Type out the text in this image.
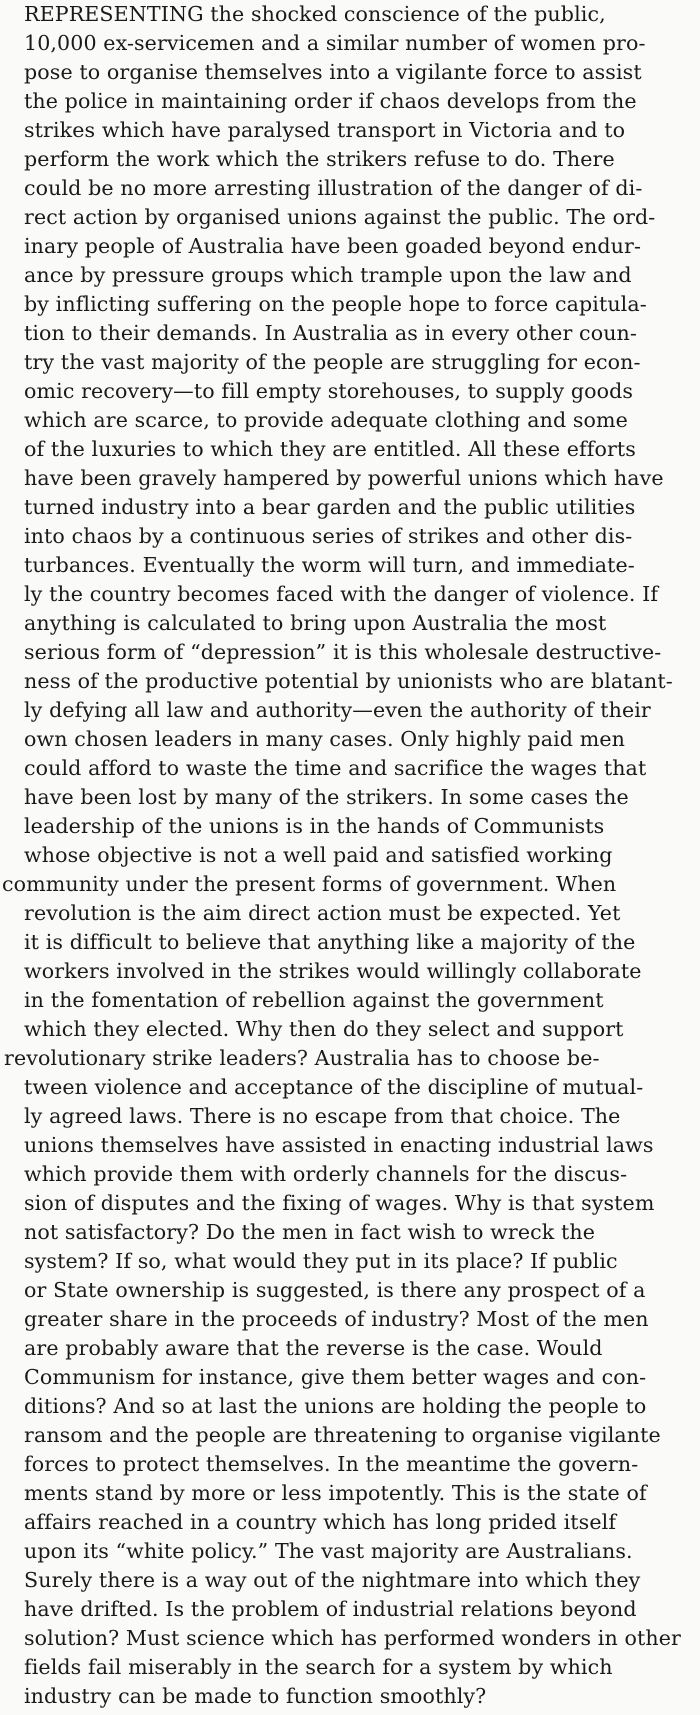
REPRESENTING the shocked conscience of the public,
10,000 ex-servicemen and a similar number of women pro-
pose to organise themselves into a vigilante force to assist
the police in maintaining order if chaos develops from the
strikes which have paralysed transport in Victoria and to
perform the work which the strikers refuse to do. There
could be no more arresting illustration of the danger of di-
rect action by organised unions against the public. The ord-
inary people of Australia have been goaded beyond endur-
ance by pressure groups which trample upon the law and
by inflicting suffering on the people hope to force capitula-
tion to their demands. In Australia as in every other coun-
try the vast majority of the people are struggling for econ-
omic recovery—to fill empty storehouses, to supply goods
which are scarce, to provide adequate clothing and some
of the luxuries to which they are entitled. All these efforts
have been gravely hampered by powerful unions which have
turned industry into a bear garden and the public utilities
into chaos by a continuous series of strikes and other dis-
turbances. Eventually the worm will turn, and immediate-
ly the country becomes faced with the danger of violence. If
anything is calculated to bring upon Australia the most
serious form of “depression” it is this wholesale destructive-
ness of the productive potential by unionists who are blatant-
ly defying all law and authority—even the authority of their
own chosen leaders in many cases. Only highly paid men
could afford to waste the time and sacrifice the wages that
have been lost by many of the strikers. In some cases the
leadership of the unions is in the hands of Communists
whose objective is not a well paid and satisfied working
community under the present forms of government. When
revolution is the aim direct action must be expected. Yet
it is difficult to believe that anything like a majority of the
workers involved in the strikes would willingly collaborate
in the fomentation of rebellion against the government
which they elected. Why then do they select and support
revolutionary strike leaders? Australia has to choose be-
tween violence and acceptance of the discipline of mutual-
ly agreed laws. There is no escape from that choice. The
unions themselves have assisted in enacting industrial laws
which provide them with orderly channels for the discus-
sion of disputes and the fixing of wages. Why is that system
not satisfactory? Do the men in fact wish to wreck the
system? If so, what would they put in its place? If public
or State ownership is suggested, is there any prospect of a
greater share in the proceeds of industry? Most of the men
are probably aware that the reverse is the case. Would
Communism for instance, give them better wages and con-
ditions? And so at last the unions are holding the people to
ransom and the people are threatening to organise vigilante
forces to protect themselves. In the meantime the govern-
ments stand by more or less impotently. This is the state of
affairs reached in a country which has long prided itself
upon its “white policy.” The vast majority are Australians.
Surely there is a way out of the nightmare into which they
have drifted. Is the problem of industrial relations beyond
solution? Must science which has performed wonders in other
fields fail miserably in the search for a system by which
industry can be made to function smoothly?
